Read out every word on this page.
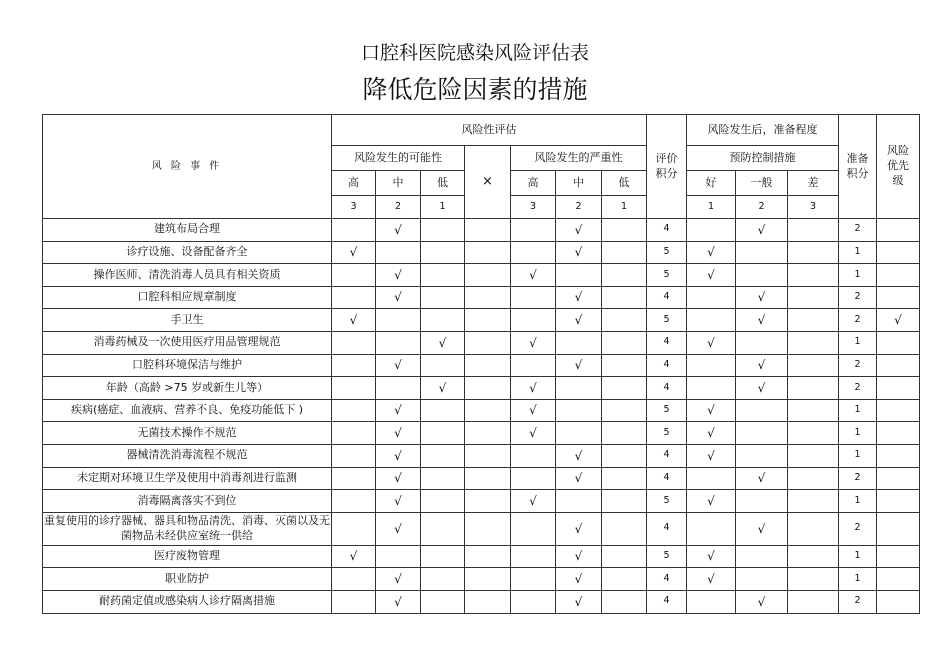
口腔科医院感染风险评估表
降低危险因素的措施
风 险 事 件	风险性评估							评价积分	风险发生后，准备程度			准备积分	风险优先级
	风险发生的可能性			×	风险发生的严重性				预防控制措施				
	高	中	低		高	中	低		好	一般	差		
	3	2	1		3	2	1		1	2	3		
建筑布局合理		√				√		4		√		2	
诊疗设施、设备配备齐全	√					√		5	√			1	
操作医师、清洗消毒人员具有相关资质		√			√			5	√			1	
口腔科相应规章制度		√				√		4		√		2	
手卫生	√					√		5		√		2	√
消毒药械及一次使用医疗用品管理规范			√		√			4	√			1	
口腔科环境保洁与维护		√				√		4		√		2	
年龄（高龄 >75 岁或新生儿等）			√		√			4		√		2	
疾病(癌症、血液病、营养不良、免疫功能低下 )		√			√			5	√			1	
无菌技术操作不规范		√			√			5	√			1	
器械清洗消毒流程不规范		√				√		4	√			1	
未定期对环境卫生学及使用中消毒剂进行监测		√				√		4		√		2	
消毒隔离落实不到位		√			√			5	√			1	
重复使用的诊疗器械、器具和物品清洗、消毒、灭菌以及无菌物品未经供应室统一供给		√				√		4		√		2	
医疗废物管理	√					√		5	√			1	
职业防护		√				√		4	√			1	
耐药菌定值或感染病人诊疗隔离措施		√				√		4		√		2	
